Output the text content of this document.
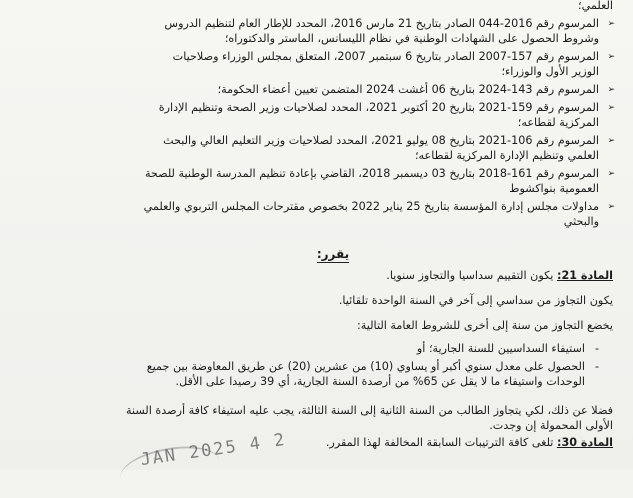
العلمي؛
➢
المرسوم رقم 2016-044 الصادر بتاريخ 21 مارس 2016، المحدد للإطار العام لتنظيم الدروس
وشروط الحصول على الشهادات الوطنية في نظام الليسانس، الماستر والدكتوراه؛
➢
المرسوم رقم 157-2007 الصادر بتاريخ 6 سبتمبر 2007، المتعلق بمجلس الوزراء وصلاحيات
الوزير الأول والوزراء؛
➢
المرسوم رقم 143-2024 بتاريخ 06 أغشت 2024 المتضمن تعيين أعضاء الحكومة؛
➢
المرسوم رقم 159-2021 بتاريخ 20 أكتوبر 2021، المحدد لصلاحيات وزير الصحة وتنظيم الإدارة
المركزية لقطاعه؛
➢
المرسوم رقم 106-2021 بتاريخ 08 يوليو 2021، المحدد لصلاحيات وزير التعليم العالي والبحث
العلمي وتنظيم الإدارة المركزية لقطاعه؛
➢
المرسوم رقم 161-2018 بتاريخ 03 ديسمبر 2018، القاضي بإعادة تنظيم المدرسة الوطنية للصحة
العمومية بنواكشوط
➢
مداولات مجلس إدارة المؤسسة بتاريخ 25 يناير 2022 بخصوص مقترحات المجلس التربوي والعلمي
والبحثي
يقرر:
المادة 21: يكون التقييم سداسيا والتجاوز سنويا.
يكون التجاوز من سداسي إلى آخر في السنة الواحدة تلقائيا.
يخضع التجاوز من سنة إلى أخرى للشروط العامة التالية:
-
استيفاء السداسيين للسنة الجارية؛ أو
-
الحصول على معدل سنوي أكبر أو يساوي (10) من عشرين (20) عن طريق المعاوضة بين جميع
الوحدات واستيفاء ما لا يقل عن 65% من أرصدة السنة الجارية، أي 39 رصيدا على الأقل.
فضلا عن ذلك، لكي يتجاوز الطالب من السنة الثانية إلى السنة الثالثة، يجب عليه استيفاء كافة أرصدة السنة
الأولى المحمولة إن وجدت.
المادة 30: تلغى كافة الترتيبات السابقة المخالفة لهذا المقرر.
2 4 JAN 2025
